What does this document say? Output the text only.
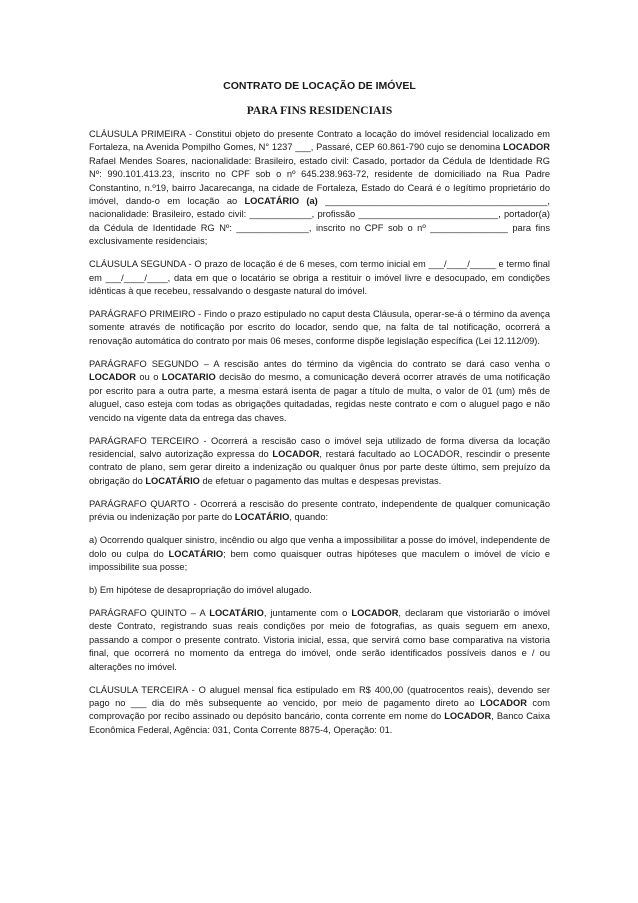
CONTRATO DE LOCAÇÃO DE IMÓVEL
PARA FINS RESIDENCIAIS

CLÁUSULA PRIMEIRA - Constitui objeto do presente Contrato a locação do imóvel residencial localizado em Fortaleza, na Avenida Pompilho Gomes, N° 1237 ___, Passaré, CEP 60.861-790 cujo se denomina LOCADOR Rafael Mendes Soares, nacionalidade: Brasileiro, estado civil: Casado, portador da Cédula de Identidade RG Nº: 990.101.413.23, inscrito no CPF sob o nº 645.238.963-72, residente de domiciliado na Rua Padre Constantino, n.º19, bairro Jacarecanga, na cidade de Fortaleza, Estado do Ceará é o legítimo proprietário do imóvel, dando-o em locação ao LOCATÁRIO (a) ___________________________________________, nacionalidade: Brasileiro, estado civil: ____________, profissão ___________________________, portador(a) da Cédula de Identidade RG Nº: ______________, inscrito no CPF sob o nº _______________ para fins exclusivamente residenciais;

CLÁUSULA SEGUNDA - O prazo de locação é de 6 meses, com termo inicial em ___/____/_____ e termo final em ___/____/____, data em que o locatário se obriga a restituir o imóvel livre e desocupado, em condições idênticas à que recebeu, ressalvando o desgaste natural do imóvel.

PARÁGRAFO PRIMEIRO - Findo o prazo estipulado no caput desta Cláusula, operar-se-á o término da avença somente através de notificação por escrito do locador, sendo que, na falta de tal notificação, ocorrerá a renovação automática do contrato por mais 06 meses, conforme dispõe legislação específica (Lei 12.112/09).

PARÁGRAFO SEGUNDO – A rescisão antes do término da vigência do contrato se dará caso venha o LOCADOR ou o LOCATARIO decisão do mesmo, a comunicação deverá ocorrer através de uma notificação por escrito para a outra parte, a mesma estará isenta de pagar a título de multa, o valor de 01 (um) mês de aluguel, caso esteja com todas as obrigações quitadadas, regidas neste contrato e com o aluguel pago e não vencido na vigente data da entrega das chaves.

PARÁGRAFO TERCEIRO - Ocorrerá a rescisão caso o imóvel seja utilizado de forma diversa da locação residencial, salvo autorização expressa do LOCADOR, restará facultado ao LOCADOR, rescindir o presente contrato de plano, sem gerar direito a indenização ou qualquer ônus por parte deste último, sem prejuízo da obrigação do LOCATÁRIO de efetuar o pagamento das multas e despesas previstas.

PARÁGRAFO QUARTO - Ocorrerá a rescisão do presente contrato, independente de qualquer comunicação prévia ou indenização por parte do LOCATÁRIO, quando:

a) Ocorrendo qualquer sinistro, incêndio ou algo que venha a impossibilitar a posse do imóvel, independente de dolo ou culpa do LOCATÁRIO; bem como quaisquer outras hipóteses que maculem o imóvel de vício e impossibilite sua posse;

b) Em hipótese de desapropriação do imóvel alugado.

PARÁGRAFO QUINTO – A LOCATÁRIO, juntamente com o LOCADOR, declaram que vistoriarão o imóvel deste Contrato, registrando suas reais condições por meio de fotografias, as quais seguem em anexo, passando a compor o presente contrato. Vistoria inicial, essa, que servirá como base comparativa na vistoria final, que ocorrerá no momento da entrega do imóvel, onde serão identificados possíveis danos e / ou alterações no imóvel.

CLÁUSULA TERCEIRA - O aluguel mensal fica estipulado em R$ 400,00 (quatrocentos reais), devendo ser pago no ___ dia do mês subsequente ao vencido, por meio de pagamento direto ao LOCADOR com comprovação por recibo assinado ou depósito bancário, conta corrente em nome do LOCADOR, Banco Caixa Econômica Federal, Agência: 031, Conta Corrente 8875-4, Operação: 01.
